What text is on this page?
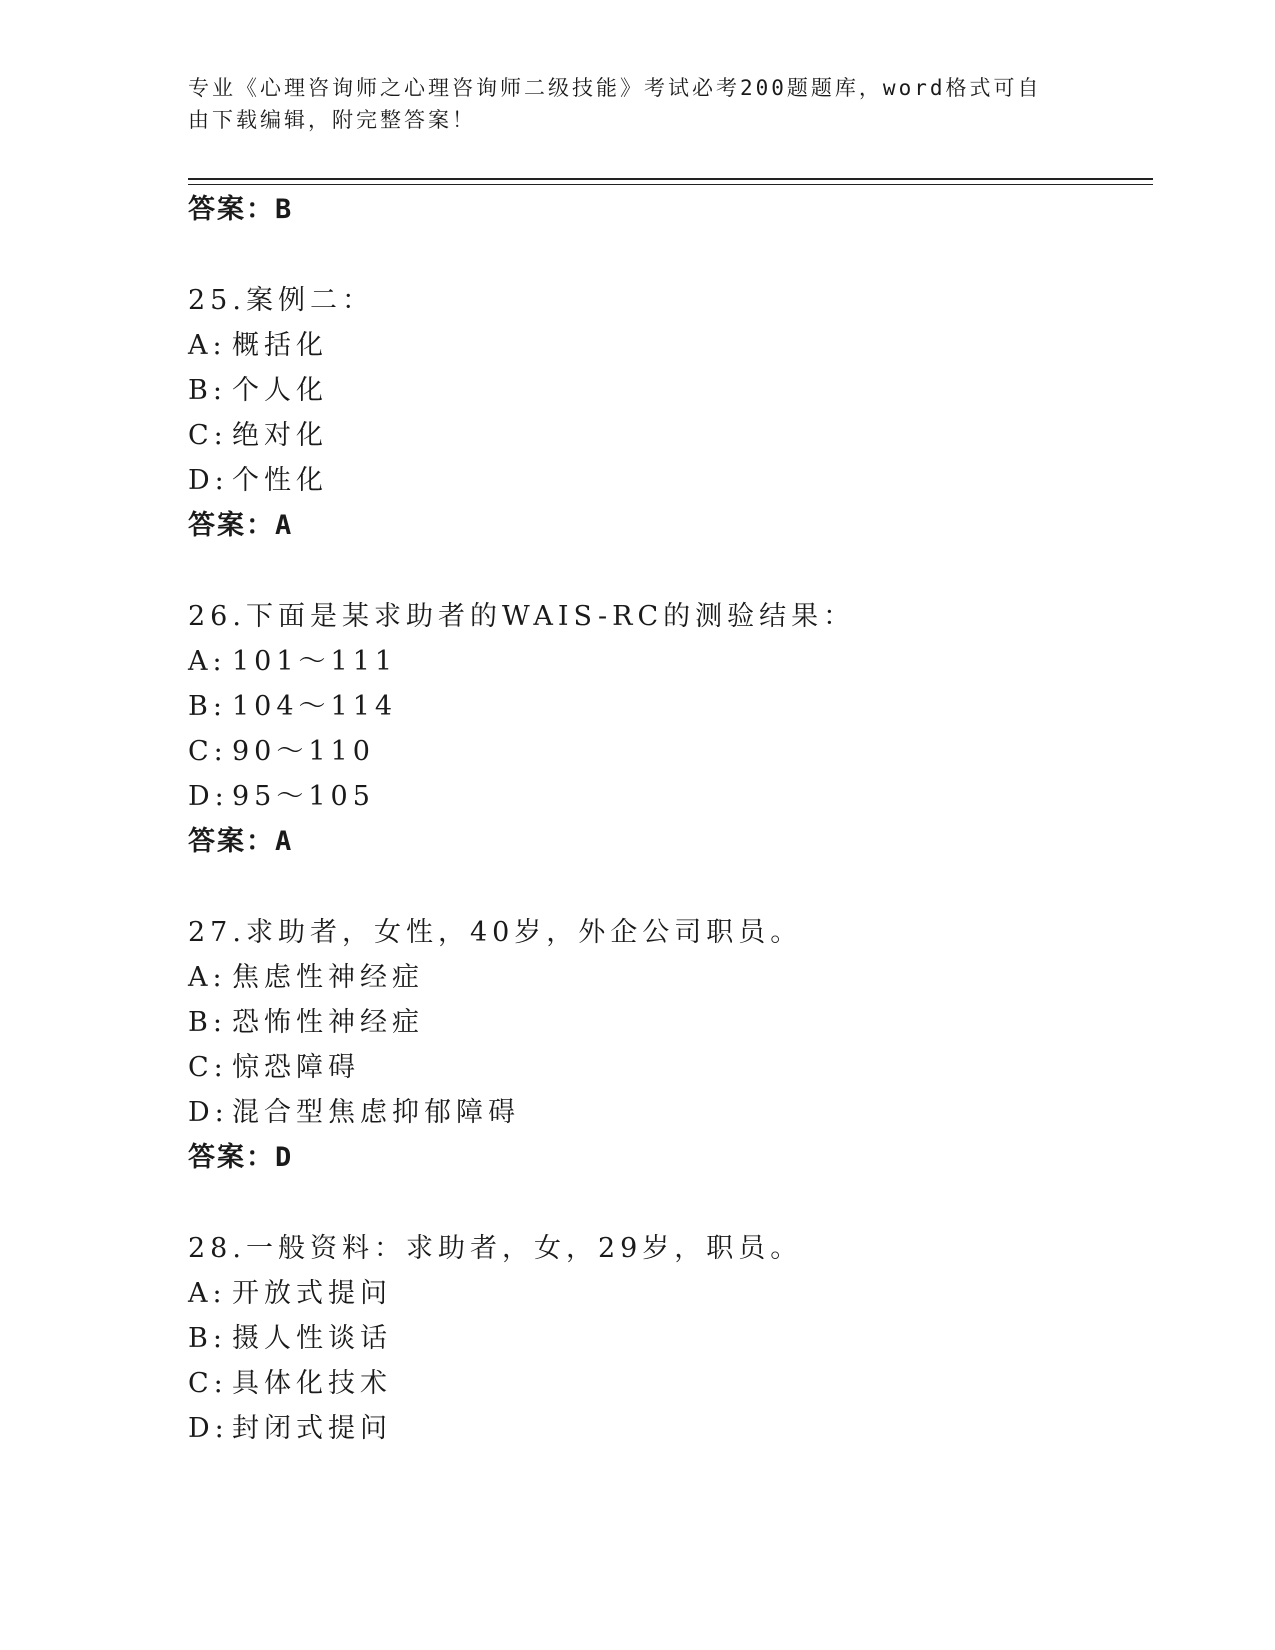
专业《心理咨询师之心理咨询师二级技能》考试必考200题题库，word格式可自
由下载编辑，附完整答案！
答案：B
25.案例二：
A: 概括化
B: 个人化
C: 绝对化
D: 个性化
答案：A
26.下面是某求助者的WAIS-RC的测验结果：
A: 101～111
B: 104～114
C: 90～110
D: 95～105
答案：A
27.求助者，女性，40岁，外企公司职员。
A: 焦虑性神经症
B: 恐怖性神经症
C: 惊恐障碍
D: 混合型焦虑抑郁障碍
答案：D
28.一般资料：求助者，女，29岁，职员。
A: 开放式提问
B: 摄人性谈话
C: 具体化技术
D: 封闭式提问
